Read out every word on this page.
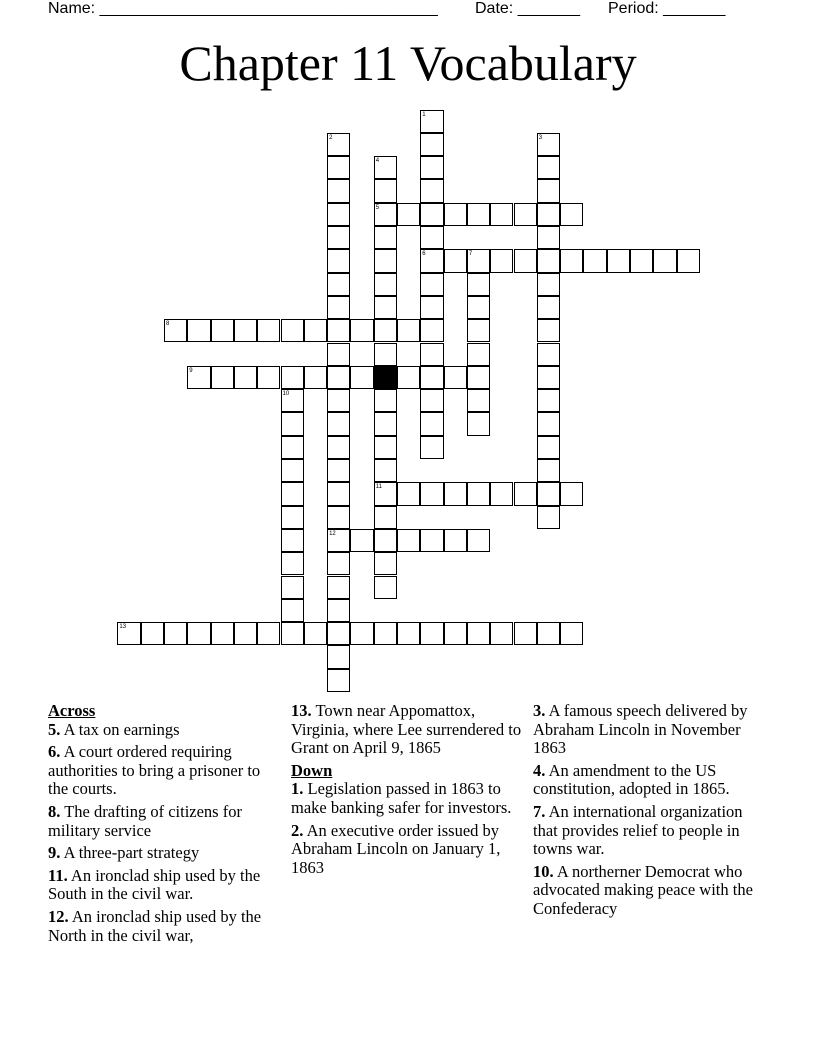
Name: ______________________________________ Date: _______ Period: _______
Chapter 11 Vocabulary
5
6
8
9
11
12
13
1
2	3
4
7
10
Across
5. A tax on earnings
6. A court ordered requiring authorities to bring a prisoner to the courts.
8. The drafting of citizens for military service
9. A three-part strategy
11. An ironclad ship used by the South in the civil war.
12. An ironclad ship used by the North in the civil war,
13. Town near Appomattox, Virginia, where Lee surrendered to Grant on April 9, 1865
Down
1. Legislation passed in 1863 to make banking safer for investors.
2. An executive order issued by Abraham Lincoln on January 1, 1863
3. A famous speech delivered by Abraham Lincoln in November 1863
4. An amendment to the US constitution, adopted in 1865.
7. An international organization that provides relief to people in towns war.
10. A northerner Democrat who advocated making peace with the Confederacy
